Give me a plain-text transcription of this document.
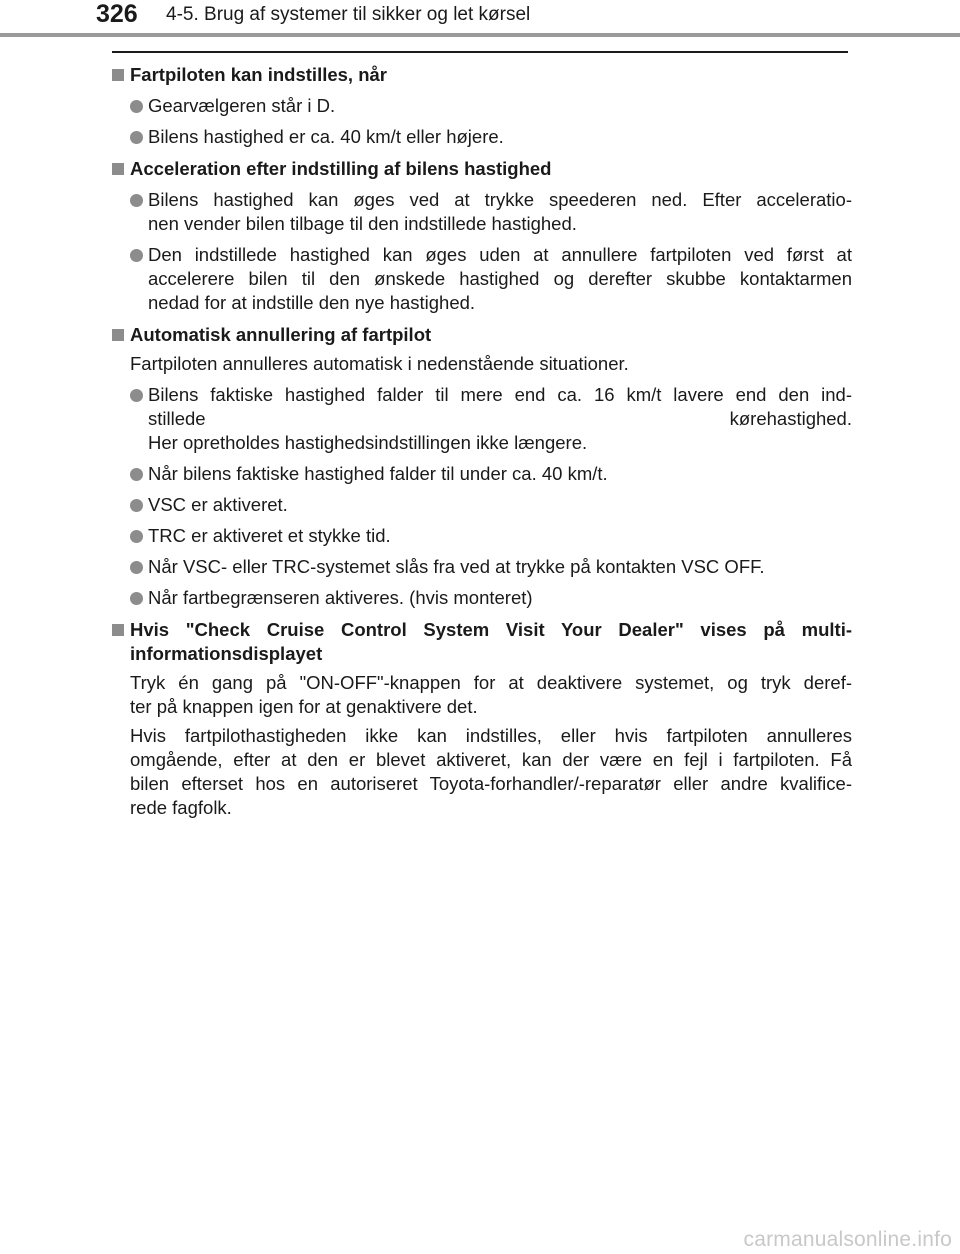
326 4-5. Brug af systemer til sikker og let kørsel
Fartpiloten kan indstilles, når
Gearvælgeren står i D.
Bilens hastighed er ca. 40 km/t eller højere.
Acceleration efter indstilling af bilens hastighed
Bilens hastighed kan øges ved at trykke speederen ned. Efter acceleratio-
nen vender bilen tilbage til den indstillede hastighed.
Den indstillede hastighed kan øges uden at annullere fartpiloten ved først at
accelerere bilen til den ønskede hastighed og derefter skubbe kontaktarmen
nedad for at indstille den nye hastighed.
Automatisk annullering af fartpilot
Fartpiloten annulleres automatisk i nedenstående situationer.
Bilens faktiske hastighed falder til mere end ca. 16 km/t lavere end den ind-
stillede kørehastighed.
Her opretholdes hastighedsindstillingen ikke længere.
Når bilens faktiske hastighed falder til under ca. 40 km/t.
VSC er aktiveret.
TRC er aktiveret et stykke tid.
Når VSC- eller TRC-systemet slås fra ved at trykke på kontakten VSC OFF.
Når fartbegrænseren aktiveres. (hvis monteret)
Hvis "Check Cruise Control System Visit Your Dealer" vises på multi-
informationsdisplayet
Tryk én gang på "ON-OFF"-knappen for at deaktivere systemet, og tryk deref-
ter på knappen igen for at genaktivere det.
Hvis fartpilothastigheden ikke kan indstilles, eller hvis fartpiloten annulleres
omgående, efter at den er blevet aktiveret, kan der være en fejl i fartpiloten. Få
bilen efterset hos en autoriseret Toyota-forhandler/-reparatør eller andre kvalifice-
rede fagfolk.
carmanualsonline.info
